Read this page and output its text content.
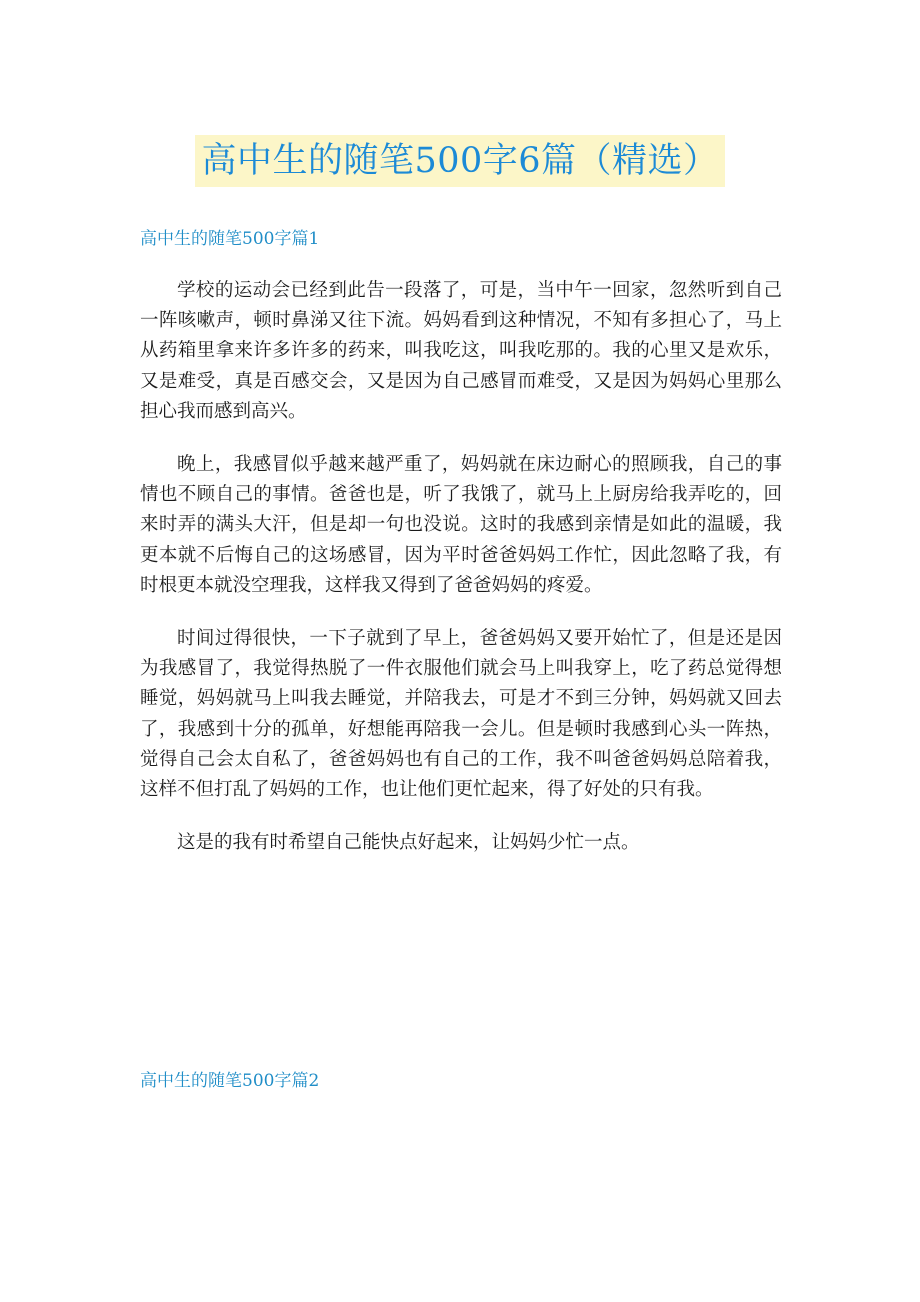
高中生的随笔500字6篇（精选）
高中生的随笔500字篇1

学校的运动会已经到此告一段落了，可是，当中午一回家，忽然听到自己一阵咳嗽声，顿时鼻涕又往下流。妈妈看到这种情况，不知有多担心了，马上从药箱里拿来许多许多的药来，叫我吃这，叫我吃那的。我的心里又是欢乐，又是难受，真是百感交会，又是因为自己感冒而难受，又是因为妈妈心里那么担心我而感到高兴。

晚上，我感冒似乎越来越严重了，妈妈就在床边耐心的照顾我，自己的事情也不顾自己的事情。爸爸也是，听了我饿了，就马上上厨房给我弄吃的，回来时弄的满头大汗，但是却一句也没说。这时的我感到亲情是如此的温暖，我更本就不后悔自己的这场感冒，因为平时爸爸妈妈工作忙，因此忽略了我，有时根更本就没空理我，这样我又得到了爸爸妈妈的疼爱。

时间过得很快，一下子就到了早上，爸爸妈妈又要开始忙了，但是还是因为我感冒了，我觉得热脱了一件衣服他们就会马上叫我穿上，吃了药总觉得想睡觉，妈妈就马上叫我去睡觉，并陪我去，可是才不到三分钟，妈妈就又回去了，我感到十分的孤单，好想能再陪我一会儿。但是顿时我感到心头一阵热，觉得自己会太自私了，爸爸妈妈也有自己的工作，我不叫爸爸妈妈总陪着我，这样不但打乱了妈妈的工作，也让他们更忙起来，得了好处的只有我。

这是的我有时希望自己能快点好起来，让妈妈少忙一点。

高中生的随笔500字篇2
